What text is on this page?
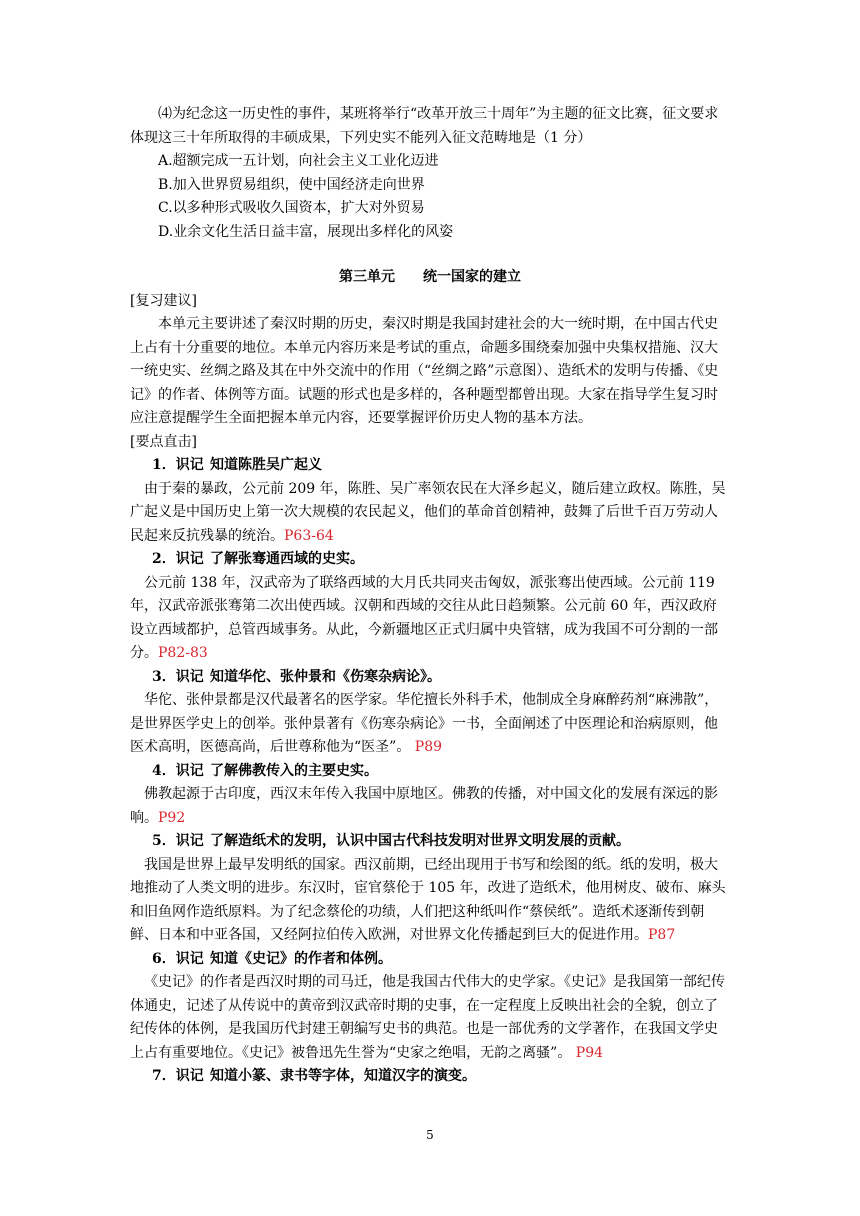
⑷为纪念这一历史性的事件，某班将举行“改革开放三十周年”为主题的征文比赛，征文要求体现这三十年所取得的丰硕成果，下列史实不能列入征文范畴地是（1 分）

A.超额完成一五计划，向社会主义工业化迈进

B.加入世界贸易组织，使中国经济走向世界

C.以多种形式吸收久国资本，扩大对外贸易

D.业余文化生活日益丰富，展现出多样化的风姿

第三单元 统一国家的建立

[复习建议]

本单元主要讲述了秦汉时期的历史，秦汉时期是我国封建社会的大一统时期，在中国古代史上占有十分重要的地位。本单元内容历来是考试的重点，命题多围绕秦加强中央集权措施、汉大一统史实、丝绸之路及其在中外交流中的作用（“丝绸之路”示意图）、造纸术的发明与传播、《史记》的作者、体例等方面。试题的形式也是多样的，各种题型都曾出现。大家在指导学生复习时应注意提醒学生全面把握本单元内容，还要掌握评价历史人物的基本方法。

[要点直击]

1．识记 知道陈胜吴广起义

由于秦的暴政，公元前 209 年，陈胜、吴广率领农民在大泽乡起义，随后建立政权。陈胜，吴广起义是中国历史上第一次大规模的农民起义，他们的革命首创精神，鼓舞了后世千百万劳动人民起来反抗残暴的统治。P63-64

2．识记 了解张骞通西域的史实。

公元前 138 年，汉武帝为了联络西域的大月氏共同夹击匈奴，派张骞出使西域。公元前 119 年，汉武帝派张骞第二次出使西域。汉朝和西域的交往从此日趋频繁。公元前 60 年，西汉政府设立西域都护，总管西域事务。从此，今新疆地区正式归属中央管辖，成为我国不可分割的一部分。P82-83

3．识记 知道华佗、张仲景和《伤寒杂病论》。

华佗、张仲景都是汉代最著名的医学家。华佗擅长外科手术，他制成全身麻醉药剂“麻沸散”，是世界医学史上的创举。张仲景著有《伤寒杂病论》一书，全面阐述了中医理论和治病原则，他医术高明，医德高尚，后世尊称他为“医圣”。 P89

4．识记 了解佛教传入的主要史实。

佛教起源于古印度，西汉末年传入我国中原地区。佛教的传播，对中国文化的发展有深远的影响。P92

5．识记 了解造纸术的发明，认识中国古代科技发明对世界文明发展的贡献。

我国是世界上最早发明纸的国家。西汉前期，已经出现用于书写和绘图的纸。纸的发明，极大地推动了人类文明的进步。东汉时，宦官蔡伦于 105 年，改进了造纸术，他用树皮、破布、麻头和旧鱼网作造纸原料。为了纪念蔡伦的功绩，人们把这种纸叫作“蔡侯纸”。造纸术逐渐传到朝鲜、日本和中亚各国，又经阿拉伯传入欧洲，对世界文化传播起到巨大的促进作用。P87

6．识记 知道《史记》的作者和体例。

《史记》的作者是西汉时期的司马迁，他是我国古代伟大的史学家。《史记》是我国第一部纪传体通史，记述了从传说中的黄帝到汉武帝时期的史事，在一定程度上反映出社会的全貌，创立了纪传体的体例，是我国历代封建王朝编写史书的典范。也是一部优秀的文学著作，在我国文学史上占有重要地位。《史记》被鲁迅先生誉为“史家之绝唱，无韵之离骚”。 P94

7．识记 知道小篆、隶书等字体，知道汉字的演变。

5
